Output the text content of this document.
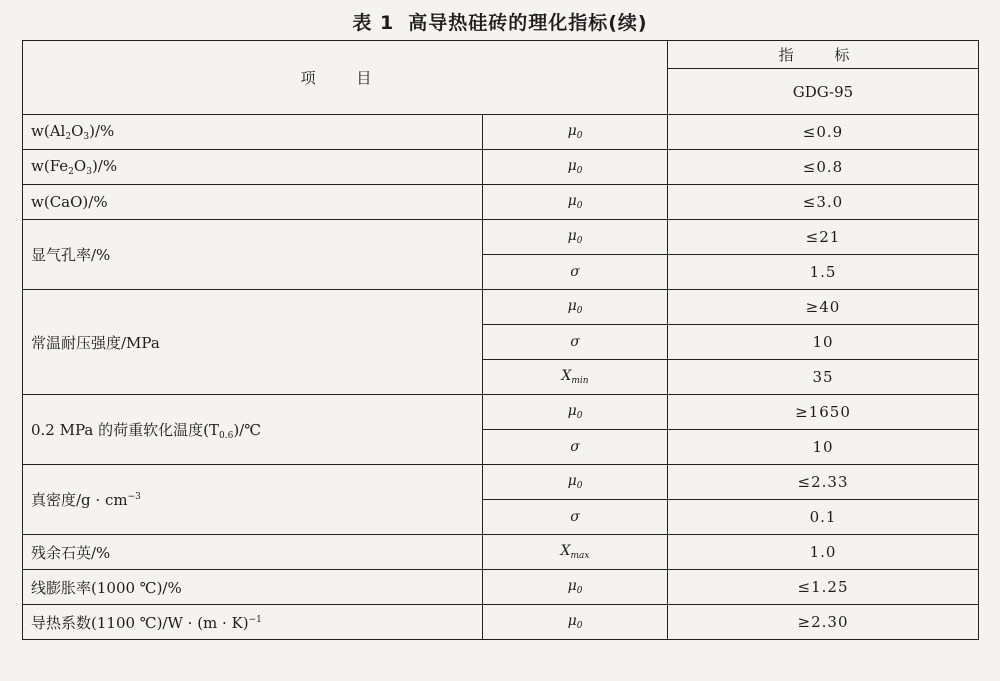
表 1 高导热硅砖的理化指标(续)
项 目		指 标
		GDG-95
$w(Al_2O_3)/\%$	$\mu_0$	≤0.9
$w(Fe_2O_3)/\%$	$\mu_0$	≤0.8
w(CaO)/%	$\mu_0$	≤3.0
显气孔率/%	$\mu_0$	≤21
	σ	1.5
常温耐压强度/MPa	$\mu_0$	≥40
	σ	10
	$X_{min}$	35
0.2 MPa 的荷重软化温度$(T_{0.6})/℃$	$\mu_0$	≥1650
	σ	10
真密度$/g \cdot cm^{-3}$	$\mu_0$	≤2.33
	σ	0.1
残余石英/%	$X_{max}$	1.0
线膨胀率(1000 ℃)/%	$\mu_0$	≤1.25
导热系数(1100 ℃)/W · $(m \cdot K)^{-1}$	$\mu_0$	≥2.30
